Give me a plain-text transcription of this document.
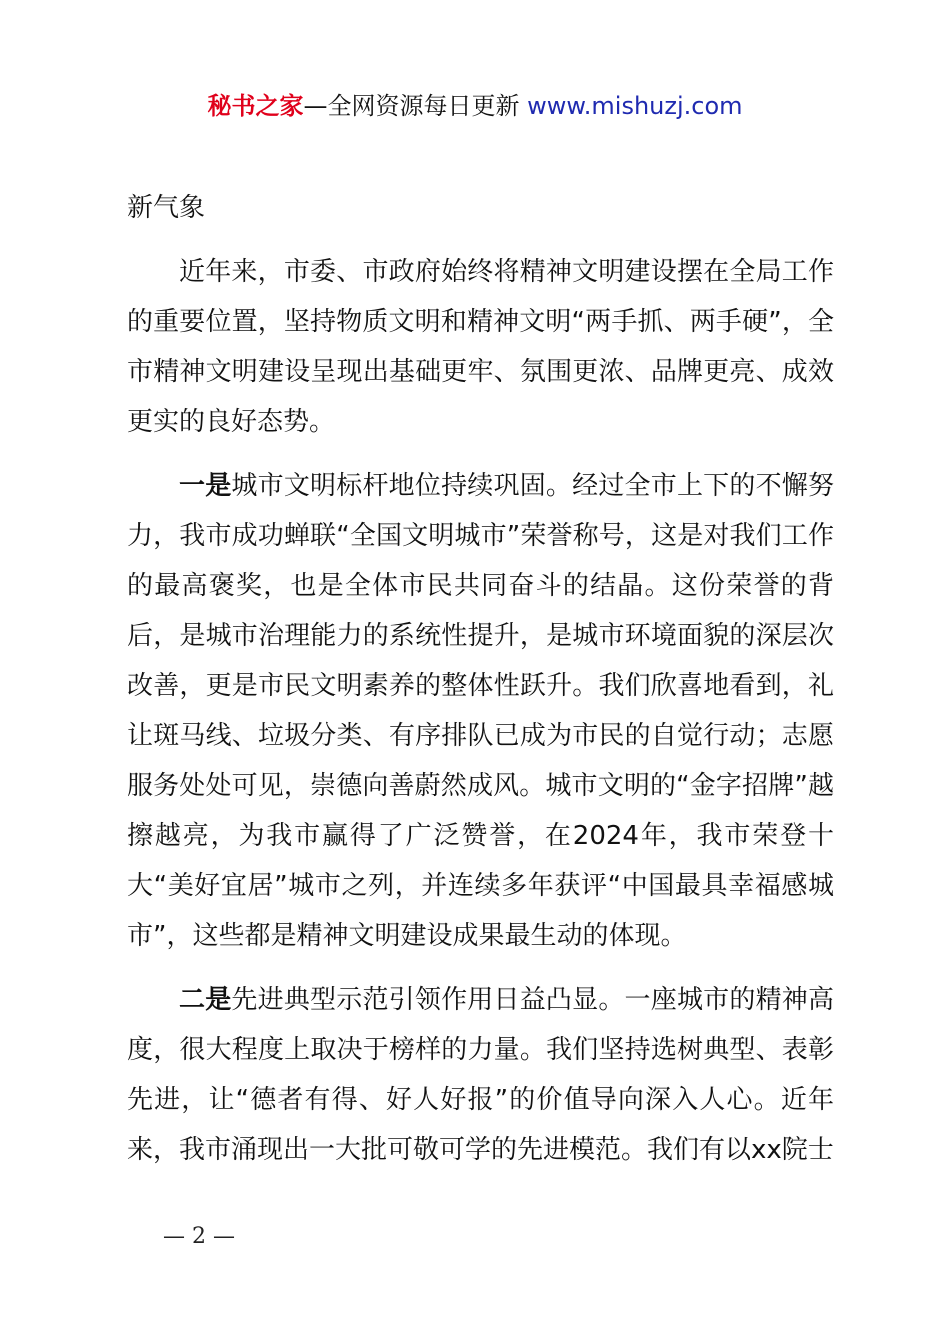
秘书之家—全网资源每日更新 www.mishuzj.com

新气象

近年来，市委、市政府始终将精神文明建设摆在全局工作的重要位置，坚持物质文明和精神文明“两手抓、两手硬”，全市精神文明建设呈现出基础更牢、氛围更浓、品牌更亮、成效更实的良好态势。

一是城市文明标杆地位持续巩固。经过全市上下的不懈努力，我市成功蝉联“全国文明城市”荣誉称号，这是对我们工作的最高褒奖，也是全体市民共同奋斗的结晶。这份荣誉的背后，是城市治理能力的系统性提升，是城市环境面貌的深层次改善，更是市民文明素养的整体性跃升。我们欣喜地看到，礼让斑马线、垃圾分类、有序排队已成为市民的自觉行动；志愿服务处处可见，崇德向善蔚然成风。城市文明的“金字招牌”越擦越亮，为我市赢得了广泛赞誉，在2024年，我市荣登十大“美好宜居”城市之列，并连续多年获评“中国最具幸福感城市”，这些都是精神文明建设成果最生动的体现。

二是先进典型示范引领作用日益凸显。一座城市的精神高度，很大程度上取决于榜样的力量。我们坚持选树典型、表彰先进，让“德者有得、好人好报”的价值导向深入人心。近年来，我市涌现出一大批可敬可学的先进模范。我们有以xx院士

— 2 —
